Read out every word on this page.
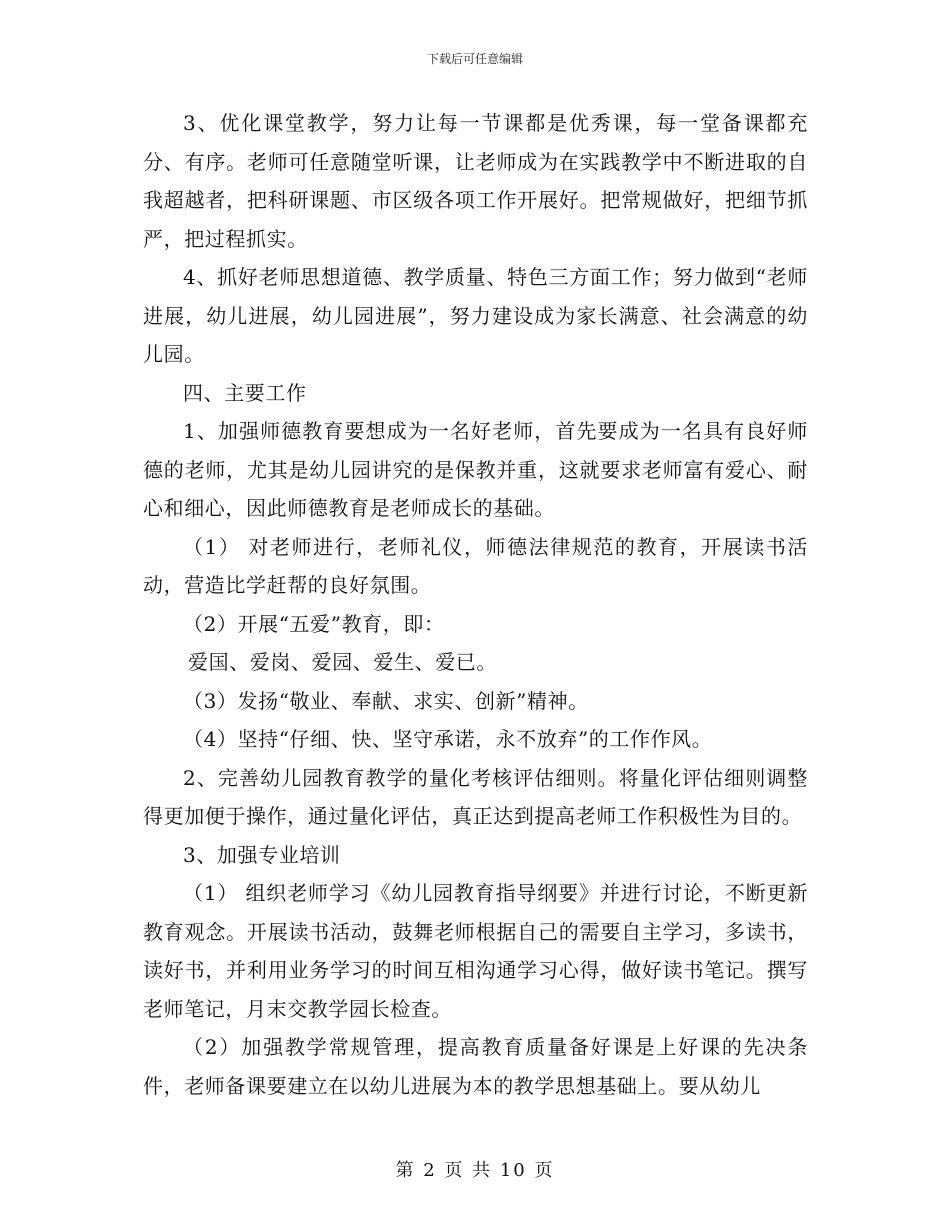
下载后可任意编辑

3、优化课堂教学，努力让每一节课都是优秀课，每一堂备课都充分、有序。老师可任意随堂听课，让老师成为在实践教学中不断进取的自我超越者，把科研课题、市区级各项工作开展好。把常规做好，把细节抓严，把过程抓实。

4、抓好老师思想道德、教学质量、特色三方面工作；努力做到“老师进展，幼儿进展，幼儿园进展”，努力建设成为家长满意、社会满意的幼儿园。

四、主要工作

1、加强师德教育要想成为一名好老师，首先要成为一名具有良好师德的老师，尤其是幼儿园讲究的是保教并重，这就要求老师富有爱心、耐心和细心，因此师德教育是老师成长的基础。

（1） 对老师进行，老师礼仪，师德法律规范的教育，开展读书活动，营造比学赶帮的良好氛围。

（2）开展“五爱”教育，即：

爱国、爱岗、爱园、爱生、爱已。

（3）发扬“敬业、奉献、求实、创新”精神。

（4）坚持“仔细、快、坚守承诺，永不放弃”的工作作风。

2、完善幼儿园教育教学的量化考核评估细则。将量化评估细则调整得更加便于操作，通过量化评估，真正达到提高老师工作积极性为目的。

3、加强专业培训

（1） 组织老师学习《幼儿园教育指导纲要》并进行讨论，不断更新教育观念。开展读书活动，鼓舞老师根据自己的需要自主学习，多读书，读好书，并利用业务学习的时间互相沟通学习心得，做好读书笔记。撰写老师笔记，月末交教学园长检查。

（2）加强教学常规管理，提高教育质量备好课是上好课的先决条件，老师备课要建立在以幼儿进展为本的教学思想基础上。要从幼儿

第 2 页 共 10 页
